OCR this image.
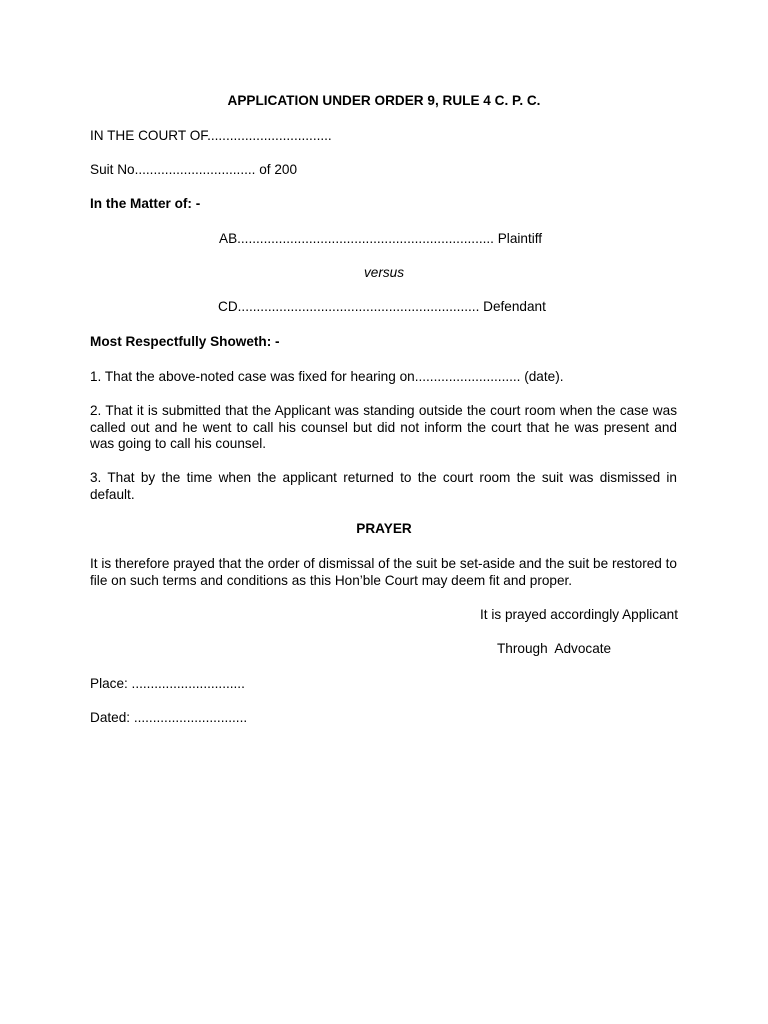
APPLICATION UNDER ORDER 9, RULE 4 C. P. C.
IN THE COURT OF.................................
Suit No................................ of 200
In the Matter of: -
AB.................................................................... Plaintiff
versus
CD................................................................ Defendant
Most Respectfully Showeth: -
1. That the above-noted case was fixed for hearing on............................ (date).
2. That it is submitted that the Applicant was standing outside the court room when the case was called out and he went to call his counsel but did not inform the court that he was present and was going to call his counsel.
3. That by the time when the applicant returned to the court room the suit was dismissed in default.
PRAYER
It is therefore prayed that the order of dismissal of the suit be set-aside and the suit be restored to file on such terms and conditions as this Hon’ble Court may deem fit and proper.
It is prayed accordingly Applicant
Through  Advocate
Place: ..............................
Dated: ..............................
